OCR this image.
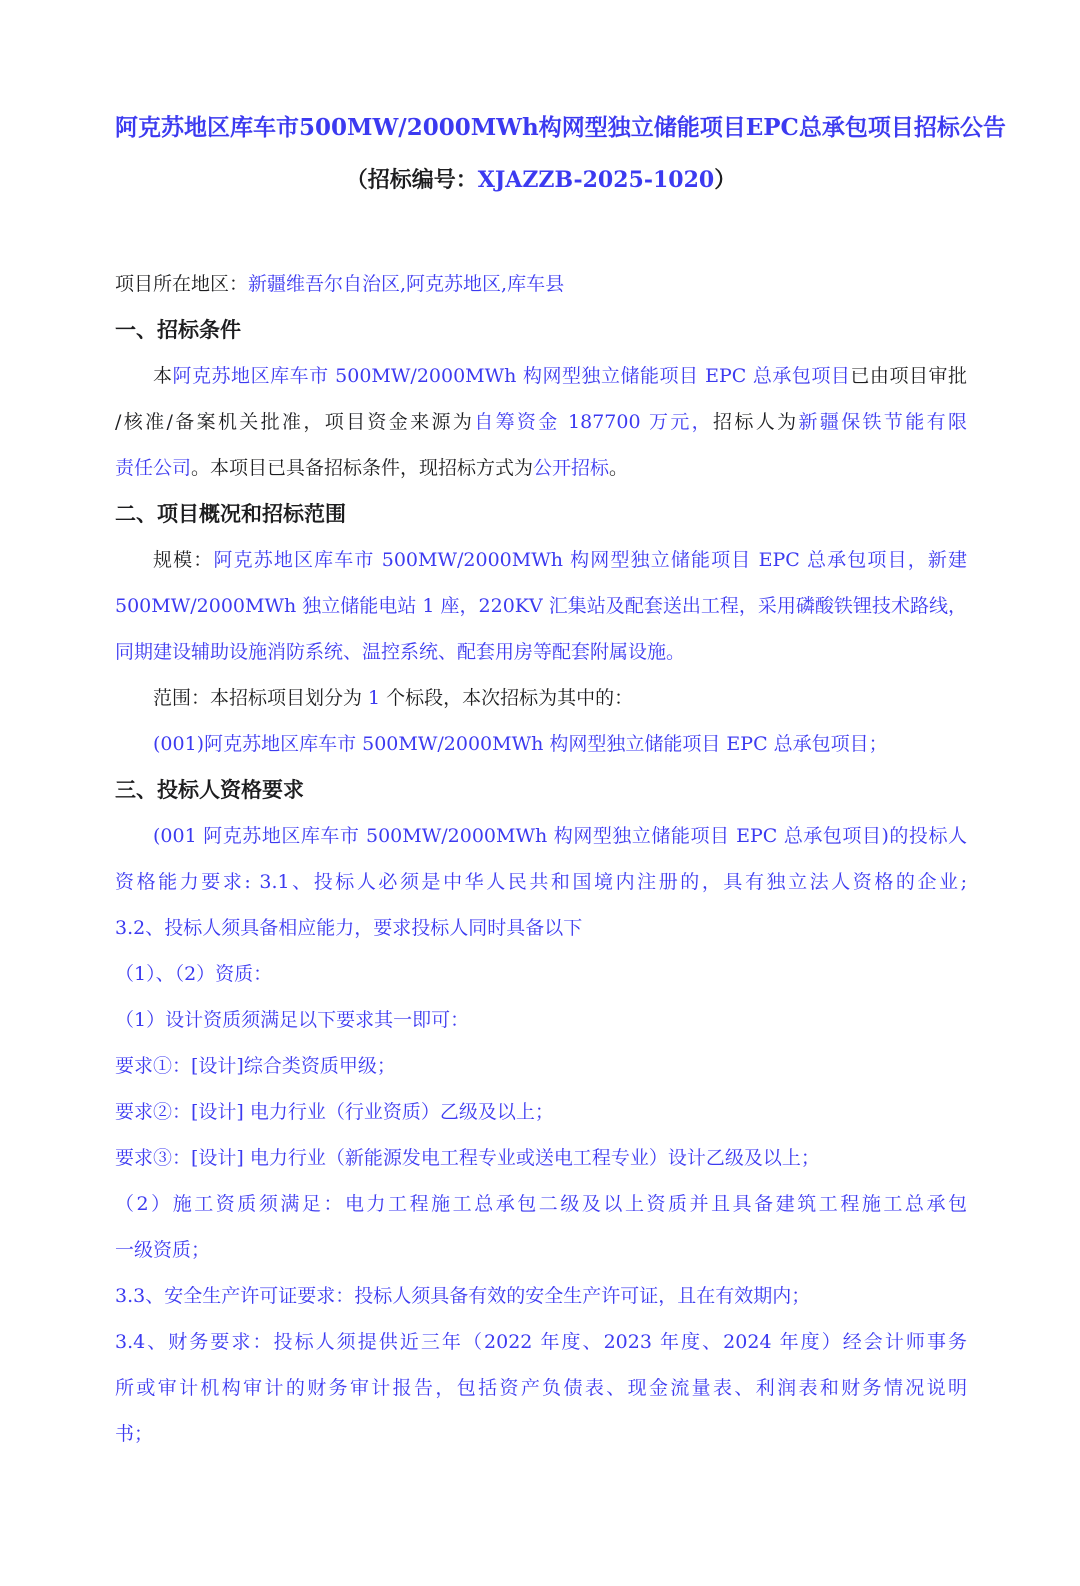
阿克苏地区库车市500MW/2000MWh构网型独立储能项目EPC总承包项目招标公告
（招标编号：XJAZZB-2025-1020）
项目所在地区：新疆维吾尔自治区,阿克苏地区,库车县
一、招标条件
本阿克苏地区库车市 500MW/2000MWh 构网型独立储能项目 EPC 总承包项目已由项目审批
/核准/备案机关批准，项目资金来源为自筹资金 187700 万元，招标人为新疆保铁节能有限
责任公司。本项目已具备招标条件，现招标方式为公开招标。
二、项目概况和招标范围
规模：阿克苏地区库车市 500MW/2000MWh 构网型独立储能项目 EPC 总承包项目，新建
500MW/2000MWh 独立储能电站 1 座，220KV 汇集站及配套送出工程，采用磷酸铁锂技术路线，
同期建设辅助设施消防系统、温控系统、配套用房等配套附属设施。
范围：本招标项目划分为 1 个标段，本次招标为其中的：
(001)阿克苏地区库车市 500MW/2000MWh 构网型独立储能项目 EPC 总承包项目；
三、投标人资格要求
(001 阿克苏地区库车市 500MW/2000MWh 构网型独立储能项目 EPC 总承包项目)的投标人
资格能力要求: 3.1、投标人必须是中华人民共和国境内注册的，具有独立法人资格的企业;
3.2、投标人须具备相应能力，要求投标人同时具备以下
（1）、（2）资质：
（1）设计资质须满足以下要求其一即可：
要求①：[设计]综合类资质甲级；
要求②：[设计] 电力行业（行业资质）乙级及以上；
要求③：[设计] 电力行业（新能源发电工程专业或送电工程专业）设计乙级及以上；
（2）施工资质须满足：电力工程施工总承包二级及以上资质并且具备建筑工程施工总承包
一级资质；
3.3、安全生产许可证要求：投标人须具备有效的安全生产许可证，且在有效期内；
3.4、财务要求：投标人须提供近三年（2022 年度、2023 年度、2024 年度）经会计师事务
所或审计机构审计的财务审计报告，包括资产负债表、现金流量表、利润表和财务情况说明
书；
